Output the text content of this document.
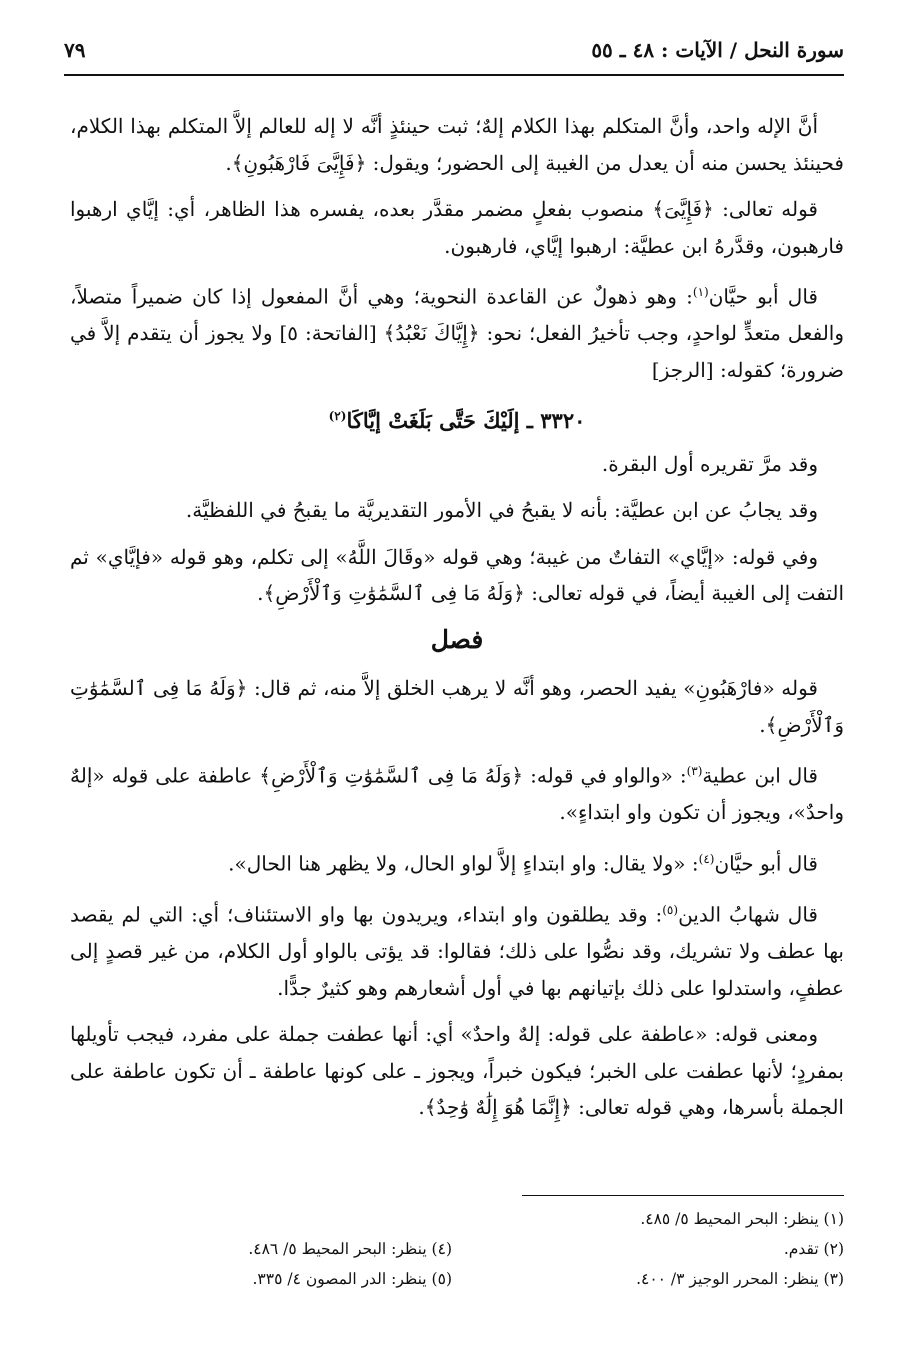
سورة النحل / الآيات : ٤٨ ـ ٥٥
٧٩

أنَّ الإله واحد، وأنَّ المتكلم بهذا الكلام إلهٌ؛ ثبت حينئذٍ أنَّه لا إله للعالم إلاَّ المتكلم بهذا الكلام، فحينئذ يحسن منه أن يعدل من الغيبة إلى الحضور؛ ويقول: ﴿فَإِيَّىَ فَارْهَبُونِ﴾.

قوله تعالى: ﴿فَإِيَّىَ﴾ منصوب بفعلٍ مضمر مقدَّر بعده، يفسره هذا الظاهر، أي: إيَّاي ارهبوا فارهبون، وقدَّرهُ ابن عطيَّة: ارهبوا إيَّاي، فارهبون.

قال أبو حيَّان$^{(١)}$: وهو ذهولٌ عن القاعدة النحوية؛ وهي أنَّ المفعول إذا كان ضميراً متصلاً، والفعل متعدٍّ لواحدٍ، وجب تأخيرُ الفعل؛ نحو: ﴿إِيَّاكَ نَعْبُدُ﴾ [الفاتحة: ٥] ولا يجوز أن يتقدم إلاَّ في ضرورة؛ كقوله: [الرجز]

٣٣٢٠ ـ إلَيْكَ حَتَّى بَلَغَتْ إيَّاكَا$^{(٢)}$

وقد مرَّ تقريره أول البقرة.

وقد يجابُ عن ابن عطيَّة: بأنه لا يقبحُ في الأمور التقديريَّة ما يقبحُ في اللفظيَّة.

وفي قوله: «إيَّاي» التفاتٌ من غيبة؛ وهي قوله «وقَالَ اللَّهُ» إلى تكلم، وهو قوله «فإيَّاي» ثم التفت إلى الغيبة أيضاً، في قوله تعالى: ﴿وَلَهُ مَا فِى ٱلسَّمَٰوَٰتِ وَٱلْأَرْضِ﴾.

فصل

قوله «فارْهَبُونِ» يفيد الحصر، وهو أنَّه لا يرهب الخلق إلاَّ منه، ثم قال: ﴿وَلَهُ مَا فِى ٱلسَّمَٰوَٰتِ وَٱلْأَرْضِ﴾.

قال ابن عطية$^{(٣)}$: «والواو في قوله: ﴿وَلَهُ مَا فِى ٱلسَّمَٰوَٰتِ وَٱلْأَرْضِ﴾ عاطفة على قوله «إلهٌ واحدٌ»، ويجوز أن تكون واو ابتداءٍ».

قال أبو حيَّان$^{(٤)}$: «ولا يقال: واو ابتداءٍ إلاَّ لواو الحال، ولا يظهر هنا الحال».

قال شهابُ الدين$^{(٥)}$: وقد يطلقون واو ابتداء، ويريدون بها واو الاستئناف؛ أي: التي لم يقصد بها عطف ولا تشريك، وقد نصُّوا على ذلك؛ فقالوا: قد يؤتى بالواو أول الكلام، من غير قصدٍ إلى عطفٍ، واستدلوا على ذلك بإتيانهم بها في أول أشعارهم وهو كثيرٌ جدًّا.

ومعنى قوله: «عاطفة على قوله: إلهٌ واحدٌ» أي: أنها عطفت جملة على مفرد، فيجب تأويلها بمفردٍ؛ لأنها عطفت على الخبر؛ فيكون خبراً، ويجوز ـ على كونها عاطفة ـ أن تكون عاطفة على الجملة بأسرها، وهي قوله تعالى: ﴿إِنَّمَا هُوَ إِلَٰهٌ وَٰحِدٌ﴾.

(١) ينظر: البحر المحيط ٥/ ٤٨٥.
(٢) تقدم.
(٣) ينظر: المحرر الوجيز ٣/ ٤٠٠.
(٤) ينظر: البحر المحيط ٥/ ٤٨٦.
(٥) ينظر: الدر المصون ٤/ ٣٣٥.
